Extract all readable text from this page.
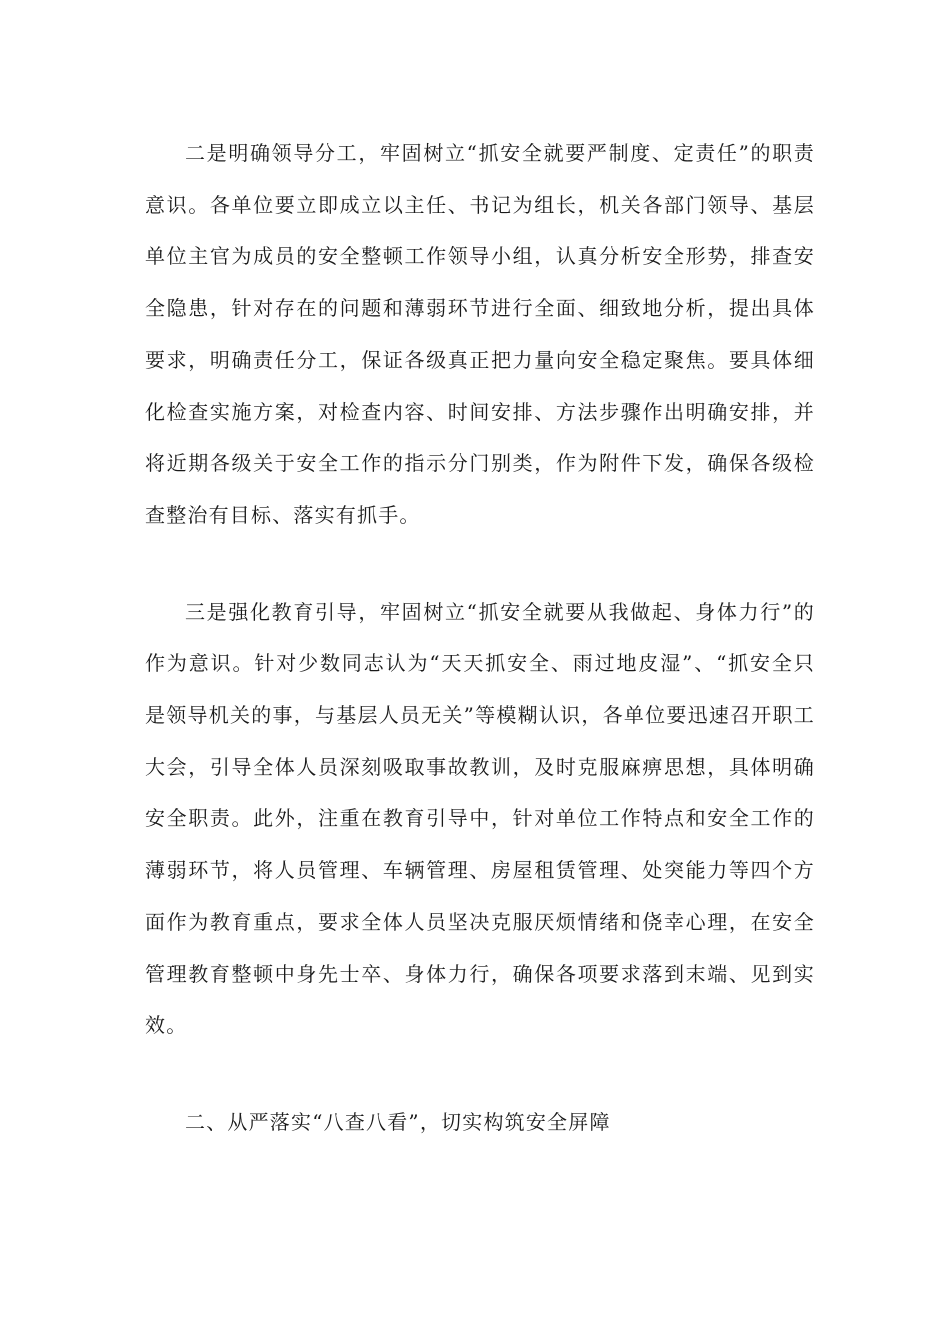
二是明确领导分工，牢固树立“抓安全就要严制度、定责任”的职责意识。各单位要立即成立以主任、书记为组长，机关各部门领导、基层单位主官为成员的安全整顿工作领导小组，认真分析安全形势，排查安全隐患，针对存在的问题和薄弱环节进行全面、细致地分析，提出具体要求，明确责任分工，保证各级真正把力量向安全稳定聚焦。要具体细化检查实施方案，对检查内容、时间安排、方法步骤作出明确安排，并将近期各级关于安全工作的指示分门别类，作为附件下发，确保各级检查整治有目标、落实有抓手。

三是强化教育引导，牢固树立“抓安全就要从我做起、身体力行”的作为意识。针对少数同志认为“天天抓安全、雨过地皮湿”、“抓安全只是领导机关的事，与基层人员无关”等模糊认识，各单位要迅速召开职工大会，引导全体人员深刻吸取事故教训，及时克服麻痹思想，具体明确安全职责。此外，注重在教育引导中，针对单位工作特点和安全工作的薄弱环节，将人员管理、车辆管理、房屋租赁管理、处突能力等四个方面作为教育重点，要求全体人员坚决克服厌烦情绪和侥幸心理，在安全管理教育整顿中身先士卒、身体力行，确保各项要求落到末端、见到实效。

二、从严落实“八查八看”，切实构筑安全屏障
